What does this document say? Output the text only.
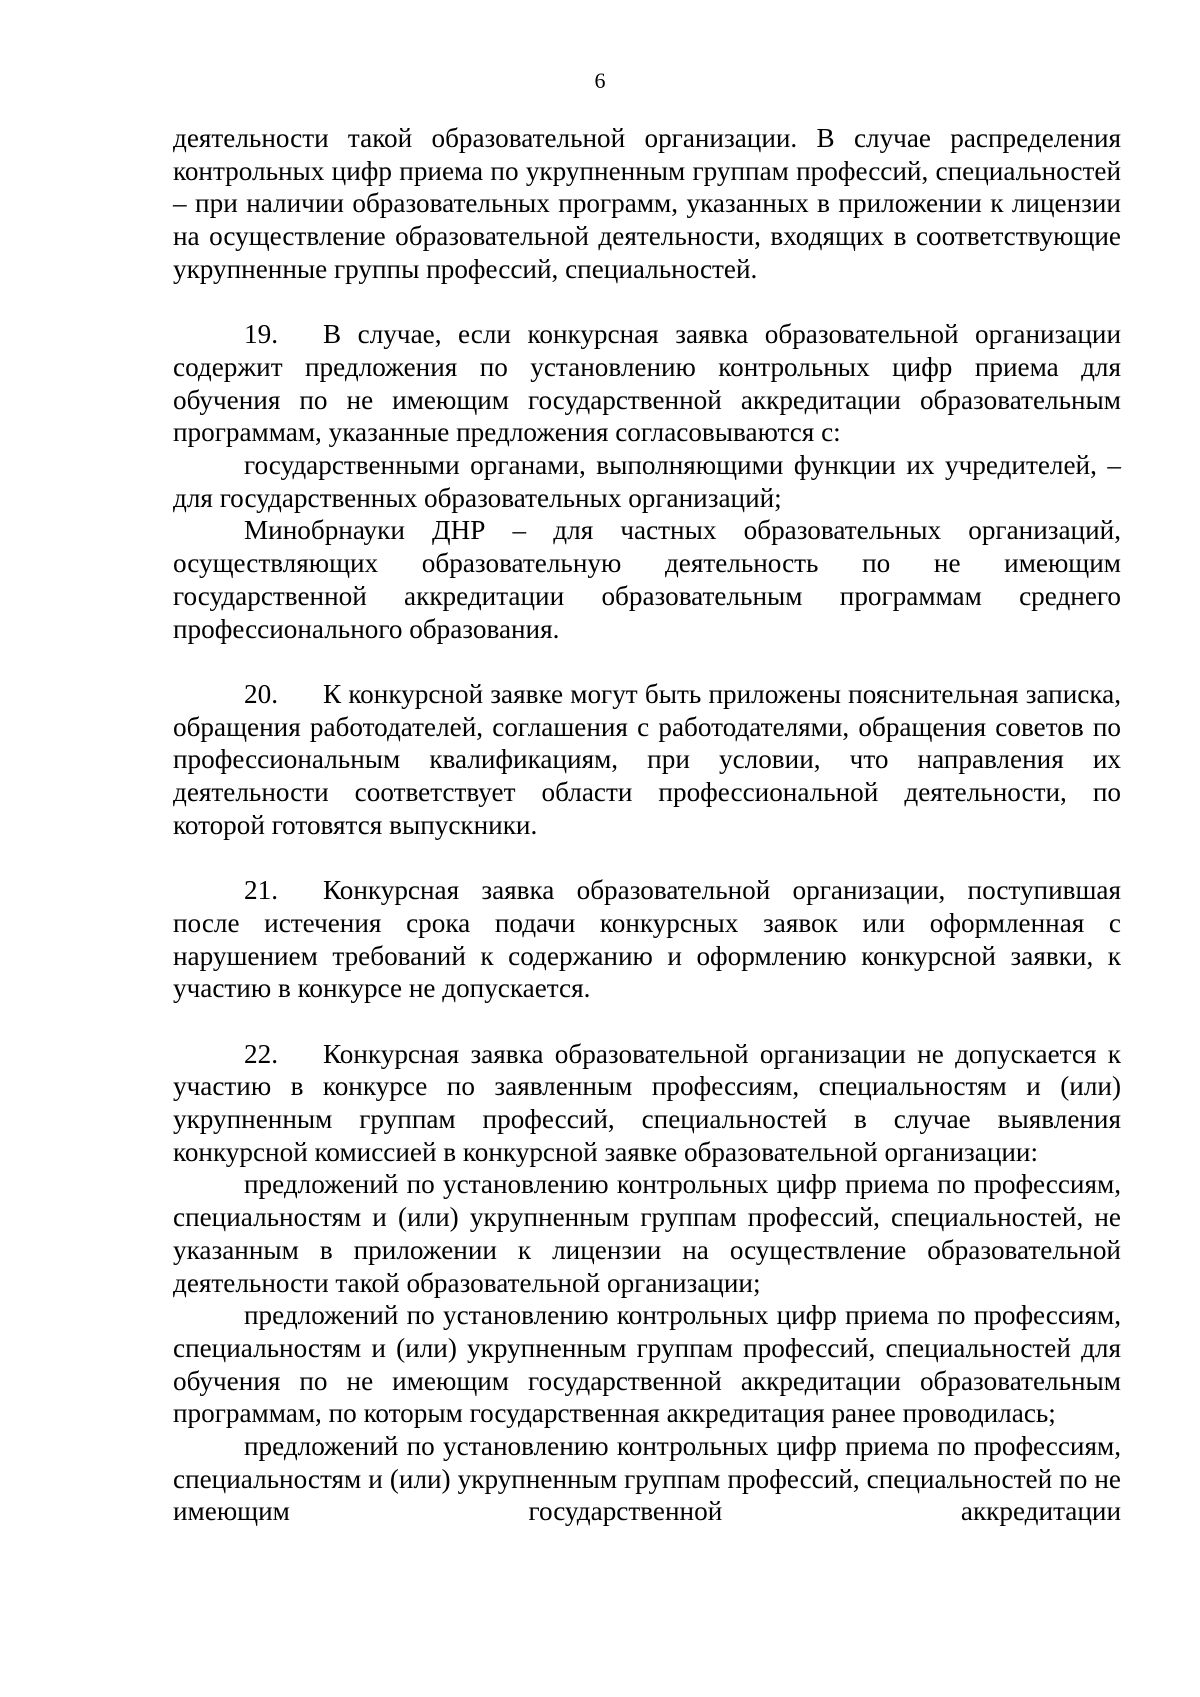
6

деятельности такой образовательной организации. В случае распределения контрольных цифр приема по укрупненным группам профессий, специальностей – при наличии образовательных программ, указанных в приложении к лицензии на осуществление образовательной деятельности, входящих в соответствующие укрупненные группы профессий, специальностей.

19. В случае, если конкурсная заявка образовательной организации содержит предложения по установлению контрольных цифр приема для обучения по не имеющим государственной аккредитации образовательным программам, указанные предложения согласовываются с:

государственными органами, выполняющими функции их учредителей, – для государственных образовательных организаций;

Минобрнауки ДНР – для частных образовательных организаций, осуществляющих образовательную деятельность по не имеющим государственной аккредитации образовательным программам среднего профессионального образования.

20. К конкурсной заявке могут быть приложены пояснительная записка, обращения работодателей, соглашения с работодателями, обращения советов по профессиональным квалификациям, при условии, что направления их деятельности соответствует области профессиональной деятельности, по которой готовятся выпускники.

21. Конкурсная заявка образовательной организации, поступившая после истечения срока подачи конкурсных заявок или оформленная с нарушением требований к содержанию и оформлению конкурсной заявки, к участию в конкурсе не допускается.

22. Конкурсная заявка образовательной организации не допускается к участию в конкурсе по заявленным профессиям, специальностям и (или) укрупненным группам профессий, специальностей в случае выявления конкурсной комиссией в конкурсной заявке образовательной организации:

предложений по установлению контрольных цифр приема по профессиям, специальностям и (или) укрупненным группам профессий, специальностей, не указанным в приложении к лицензии на осуществление образовательной деятельности такой образовательной организации;

предложений по установлению контрольных цифр приема по профессиям, специальностям и (или) укрупненным группам профессий, специальностей для обучения по не имеющим государственной аккредитации образовательным программам, по которым государственная аккредитация ранее проводилась;

предложений по установлению контрольных цифр приема по профессиям, специальностям и (или) укрупненным группам профессий, специальностей по не имеющим государственной аккредитации
